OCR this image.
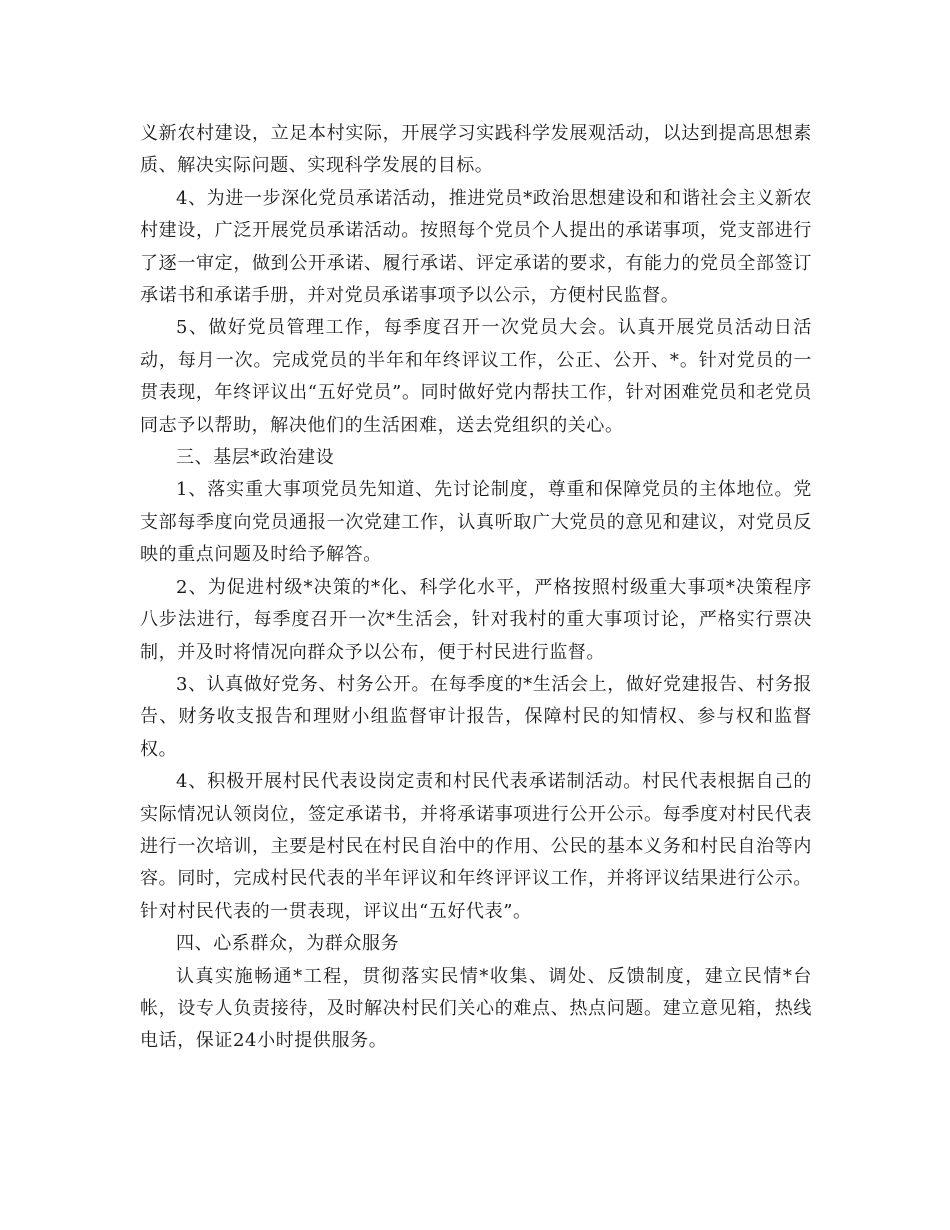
义新农村建设，立足本村实际，开展学习实践科学发展观活动，以达到提高思想素质、解决实际问题、实现科学发展的目标。

4、为进一步深化党员承诺活动，推进党员*政治思想建设和和谐社会主义新农村建设，广泛开展党员承诺活动。按照每个党员个人提出的承诺事项，党支部进行了逐一审定，做到公开承诺、履行承诺、评定承诺的要求，有能力的党员全部签订承诺书和承诺手册，并对党员承诺事项予以公示，方便村民监督。

5、做好党员管理工作，每季度召开一次党员大会。认真开展党员活动日活动，每月一次。完成党员的半年和年终评议工作，公正、公开、*。针对党员的一贯表现，年终评议出“五好党员”。同时做好党内帮扶工作，针对困难党员和老党员同志予以帮助，解决他们的生活困难，送去党组织的关心。

三、基层*政治建设

1、落实重大事项党员先知道、先讨论制度，尊重和保障党员的主体地位。党支部每季度向党员通报一次党建工作，认真听取广大党员的意见和建议，对党员反映的重点问题及时给予解答。

2、为促进村级*决策的*化、科学化水平，严格按照村级重大事项*决策程序八步法进行，每季度召开一次*生活会，针对我村的重大事项讨论，严格实行票决制，并及时将情况向群众予以公布，便于村民进行监督。

3、认真做好党务、村务公开。在每季度的*生活会上，做好党建报告、村务报告、财务收支报告和理财小组监督审计报告，保障村民的知情权、参与权和监督权。

4、积极开展村民代表设岗定责和村民代表承诺制活动。村民代表根据自己的实际情况认领岗位，签定承诺书，并将承诺事项进行公开公示。每季度对村民代表进行一次培训，主要是村民在村民自治中的作用、公民的基本义务和村民自治等内容。同时，完成村民代表的半年评议和年终评评议工作，并将评议结果进行公示。针对村民代表的一贯表现，评议出“五好代表”。

四、心系群众，为群众服务

认真实施畅通*工程，贯彻落实民情*收集、调处、反馈制度，建立民情*台帐，设专人负责接待，及时解决村民们关心的难点、热点问题。建立意见箱，热线电话，保证24小时提供服务。
